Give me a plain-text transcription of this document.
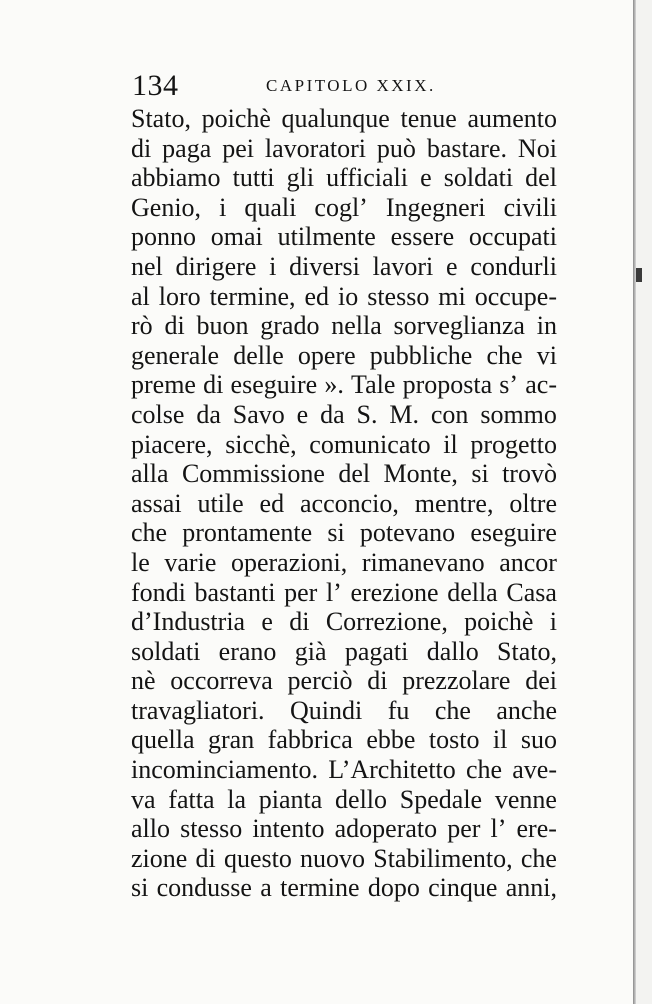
134	CAPITOLO XXIX.
Stato, poichè qualunque tenue aumento
di paga pei lavoratori può bastare. Noi
abbiamo tutti gli ufficiali e soldati del
Genio, i quali cogl’ Ingegneri civili
ponno omai utilmente essere occupati
nel dirigere i diversi lavori e condurli
al loro termine, ed io stesso mi occupe-
rò di buon grado nella sorveglianza in
generale delle opere pubbliche che vi
preme di eseguire ». Tale proposta s’ ac-
colse da Savo e da S. M. con sommo
piacere, sicchè, comunicato il progetto
alla Commissione del Monte, si trovò
assai utile ed acconcio, mentre, oltre
che prontamente si potevano eseguire
le varie operazioni, rimanevano ancor
fondi bastanti per l’ erezione della Casa
d’Industria e di Correzione, poichè i
soldati erano già pagati dallo Stato,
nè occorreva perciò di prezzolare dei
travagliatori. Quindi fu che anche
quella gran fabbrica ebbe tosto il suo
incominciamento. L’Architetto che ave-
va fatta la pianta dello Spedale venne
allo stesso intento adoperato per l’ ere-
zione di questo nuovo Stabilimento, che
si condusse a termine dopo cinque anni,
